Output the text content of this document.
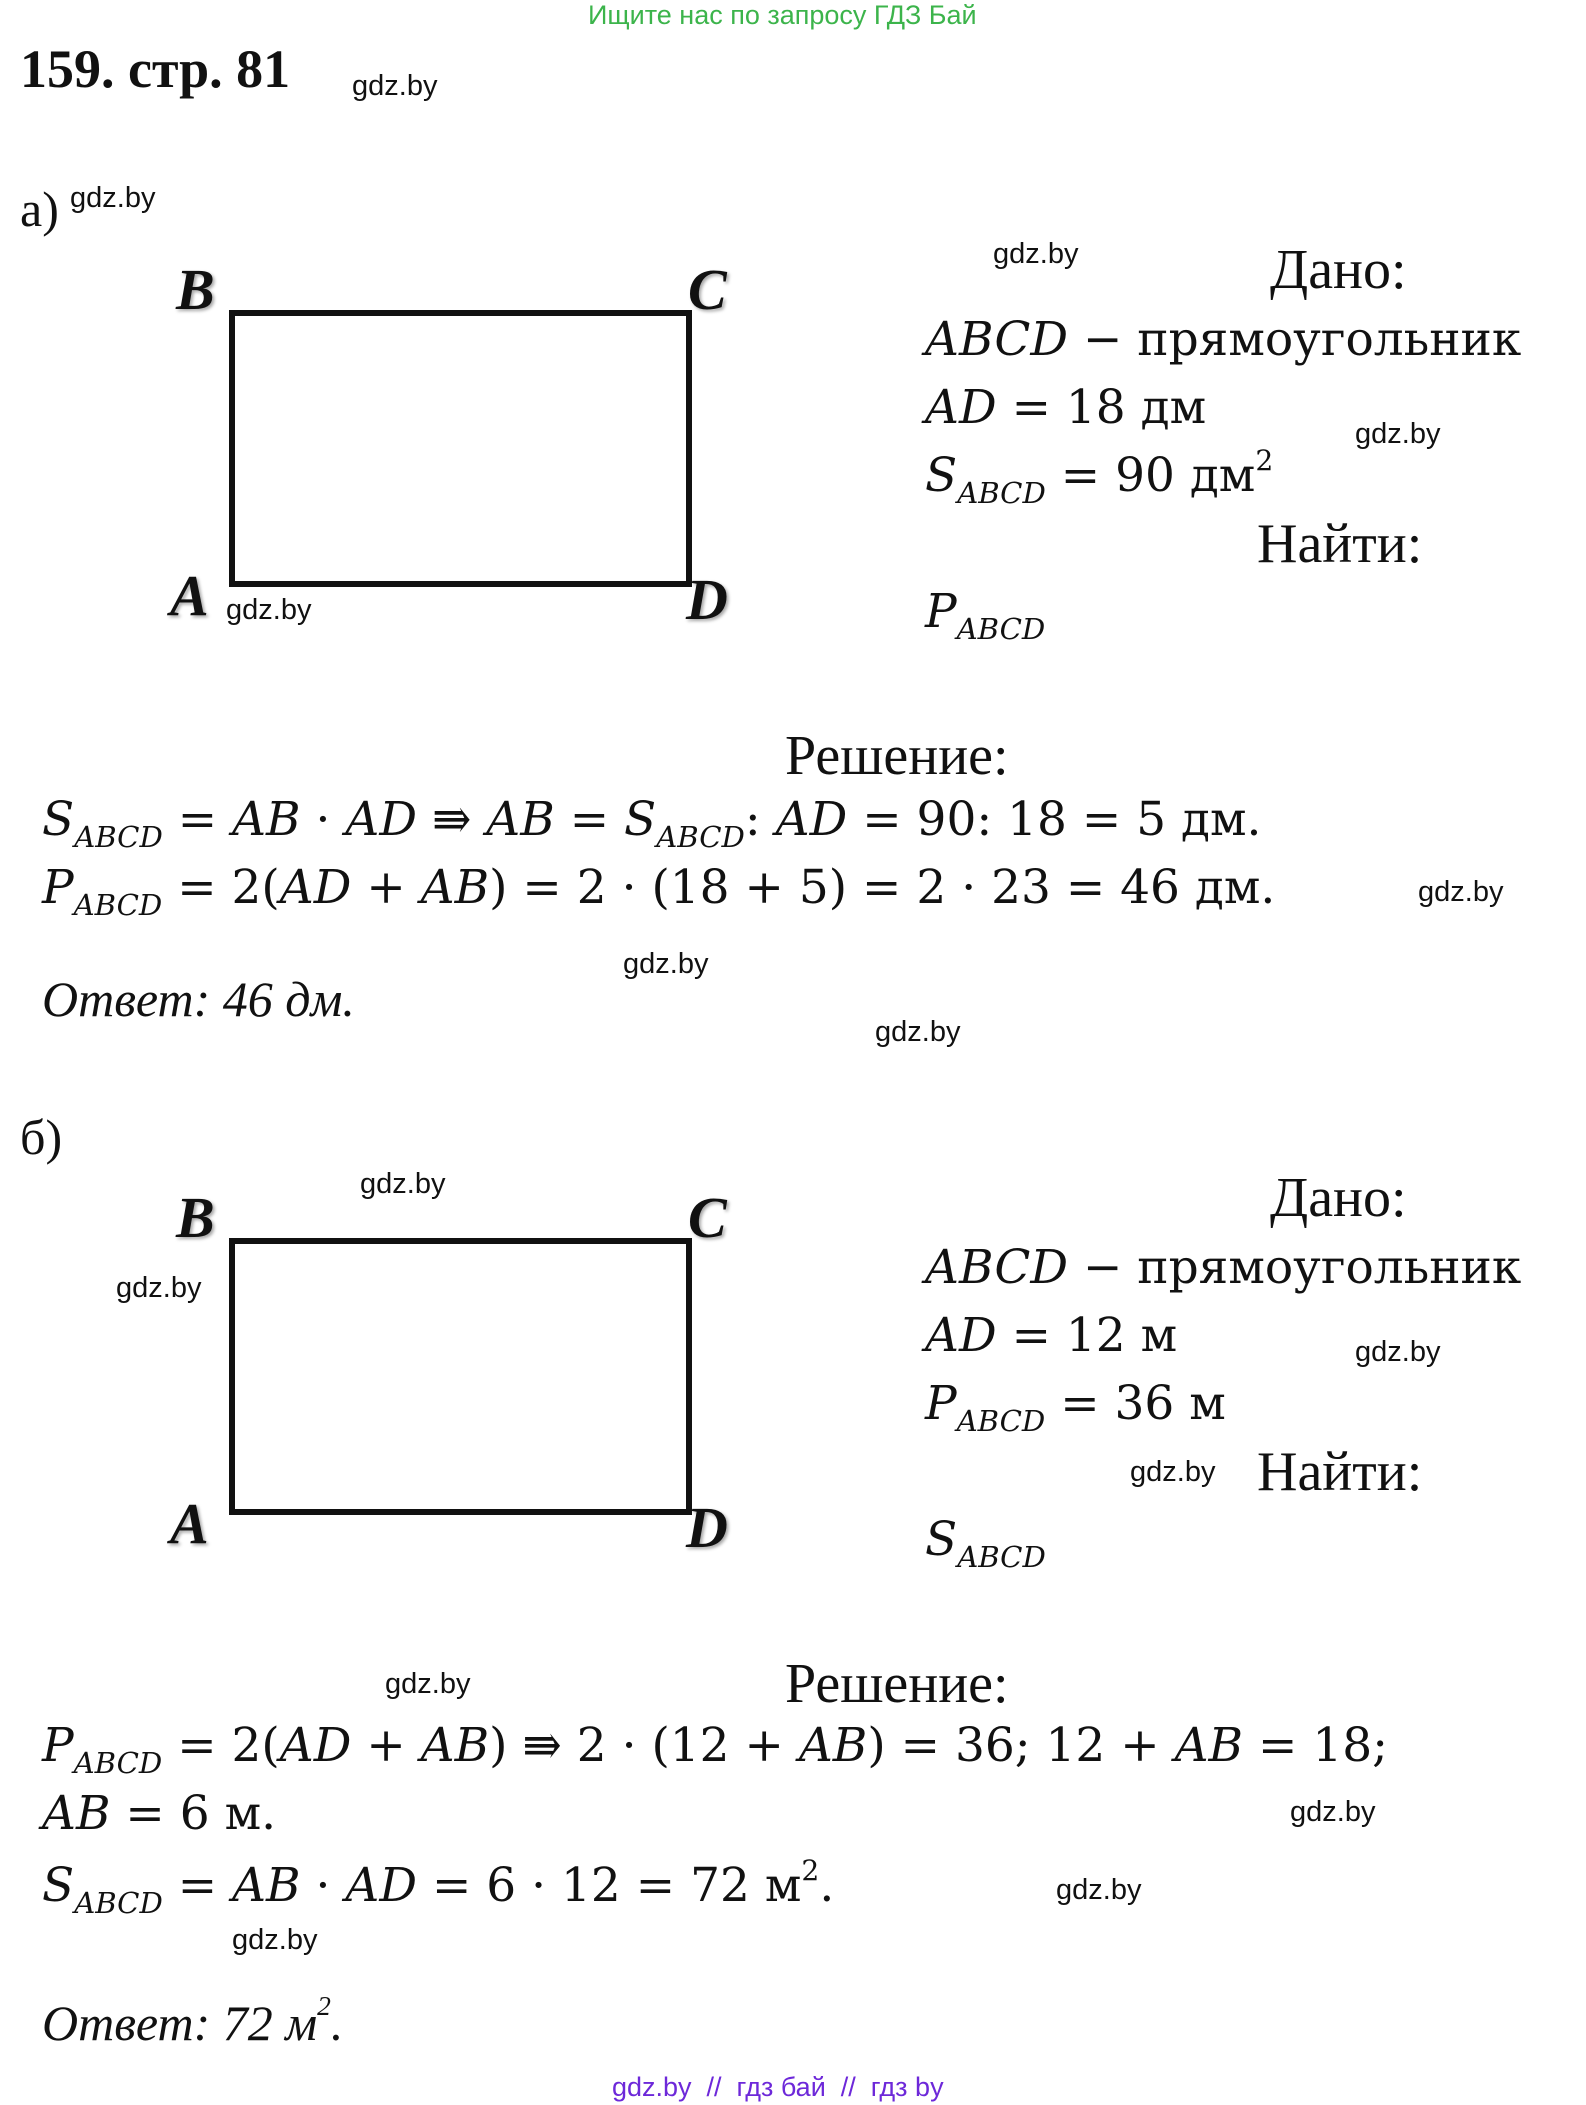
Ищите нас по запросу ГДЗ Бай
159. стр. 81 gdz.by
а) gdz.by
B	C
A	D
gdz.by
gdz.by	Дано:
ABCD − прямоугольник
AD = 18 дм	gdz.by
$S_{ABCD} = 90$ $дм^2$
Найти:
$P_{ABCD}$
Решение:
$S_{ABCD}$ = AB · AD ⇛ AB = $S_{ABCD}$: AD = 90: 18 = 5 дм.
$P_{ABCD} = 2(AD + AB) = 2 \cdot (18 + 5) = 2 \cdot 23 = 46$ дм.	gdz.by
gdz.by
Ответ: 46 дм.
gdz.by
б)
B	C
A	D
gdz.by
gdz.by
Дано:
ABCD − прямоугольник
AD = 12 м	gdz.by
$P_{ABCD} = 36$ м
gdz.by Найти:
$S_{ABCD}$
gdz.by	Решение:
$P_{ABCD} = 2(AD + AB)$ ⇛ 2 · (12 + AB) = 36; 12 + AB = 18;
AB = 6 м.	gdz.by
$S_{ABCD}$ = AB · AD = 6 · 12 = 72 $м^2$.	gdz.by
gdz.by
Ответ: 72 $м^2$.
gdz.by  //  гдз бай  //  гдз by
